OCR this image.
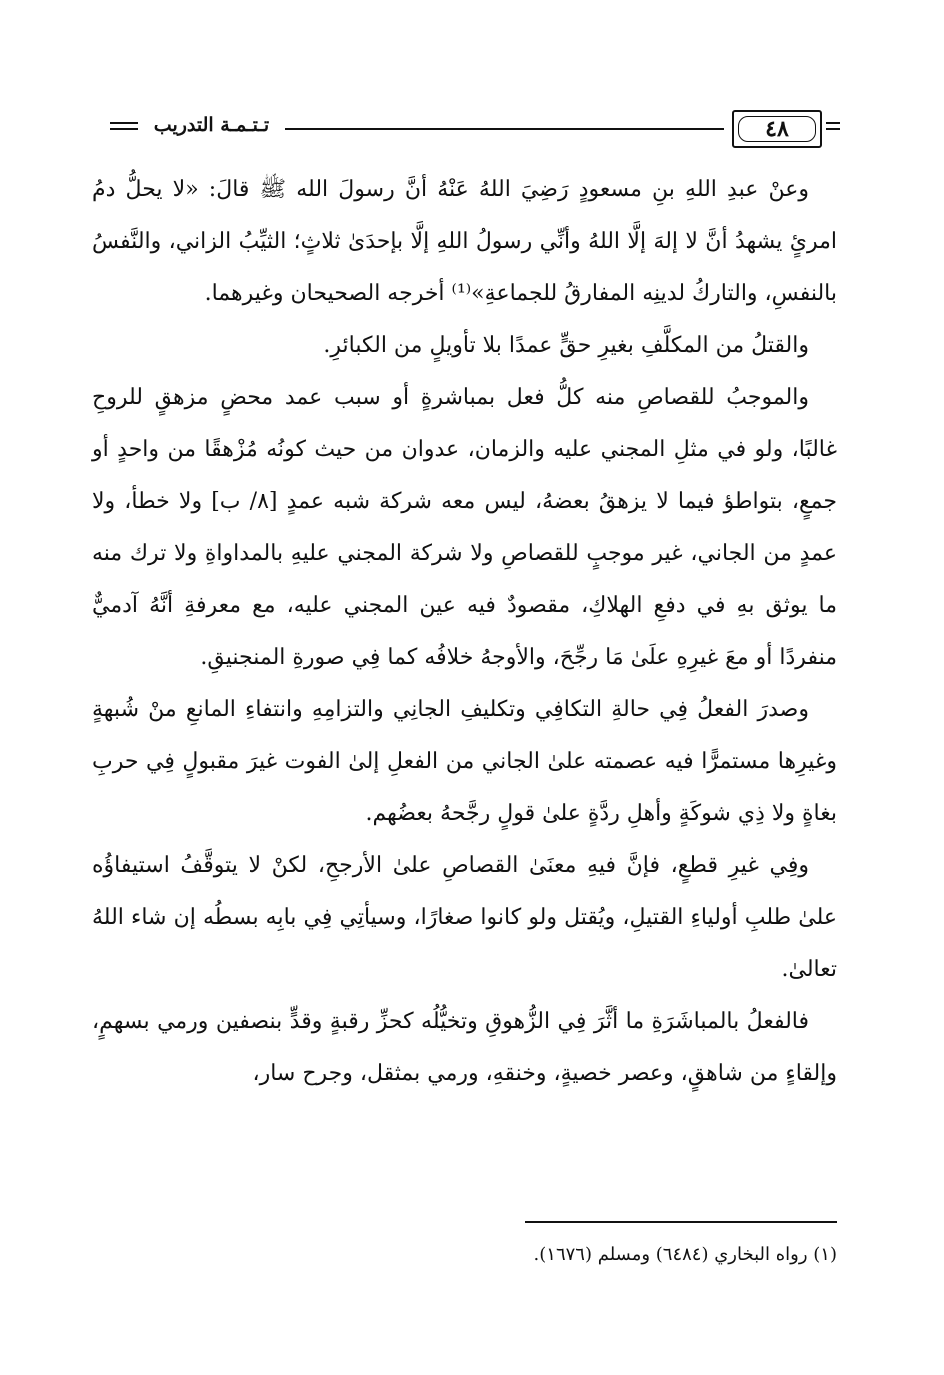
٤٨
تـتـمـة التدريب

وعنْ عبدِ اللهِ بنِ مسعودٍ رَضِيَ اللهُ عَنْهُ أنَّ رسولَ الله ﷺ قالَ: «لا يحلُّ دمُ امرئٍ يشهدُ أنَّ لا إلهَ إلَّا اللهُ وأنِّي رسولُ اللهِ إلَّا بإحدَىٰ ثلاثٍ؛ الثيِّبُ الزاني، والنَّفسُ بالنفسِ، والتاركُ لدينِه المفارقُ للجماعةِ»⁽¹⁾ أخرجه الصحيحان وغيرهما.

والقتلُ من المكلَّفِ بغيرِ حقٍّ عمدًا بلا تأويلٍ من الكبائرِ.

والموجبُ للقصاصِ منه كلُّ فعل بمباشرةٍ أو سبب عمد محضٍ مزهقٍ للروحِ غالبًا، ولو في مثلِ المجني عليه والزمان، عدوان من حيث كونُه مُزْهقًا من واحدٍ أو جمعٍ، بتواطؤ فيما لا يزهقُ بعضهُ، ليس معه شركة شبه عمدٍ [٨/ ب] ولا خطأ، ولا عمدٍ من الجاني، غير موجبٍ للقصاصِ ولا شركة المجني عليهِ بالمداواةِ ولا ترك منه ما يوثق بهِ في دفعِ الهلاكِ، مقصودٌ فيه عين المجني عليه، مع معرفةِ أنَّهُ آدميٌّ منفردًا أو معَ غيرِهِ علَىٰ مَا رجِّحَ، والأوجهُ خلافُه كما فِي صورةِ المنجنيقِ.

وصدرَ الفعلُ فِي حالةِ التكافِي وتكليفِ الجانِي والتزامِهِ وانتفاءِ المانعِ منْ شُبهةٍ وغيرِها مستمرًّا فيه عصمته علىٰ الجاني من الفعلِ إلىٰ الفوت غيرَ مقبولٍ فِي حربِ بغاةٍ ولا ذِي شوكَةٍ وأهلِ ردَّةٍ علىٰ قولٍ رجَّحهُ بعضُهم.

وفِي غيرِ قطعٍ، فإنَّ فيهِ معنَىٰ القصاصِ علىٰ الأرجحِ، لكنْ لا يتوقَّفُ استيفاؤُه علىٰ طلبِ أولياءِ القتيلِ، ويُقتل ولو كانوا صغارًا، وسيأتِي فِي بابِه بسطُه إن شاء اللهُ تعالىٰ.

فالفعلُ بالمباشَرَةِ ما أثَّرَ فِي الزُّهوقِ وتخيُّلُه كحزِّ رقبةٍ وقدٍّ بنصفين ورمي بسهمٍ، وإلقاءٍ من شاهقٍ، وعصر خصيةٍ، وخنقهِ، ورمي بمثقل، وجرح سار،

(١) رواه البخاري (٦٤٨٤) ومسلم (١٦٧٦).
